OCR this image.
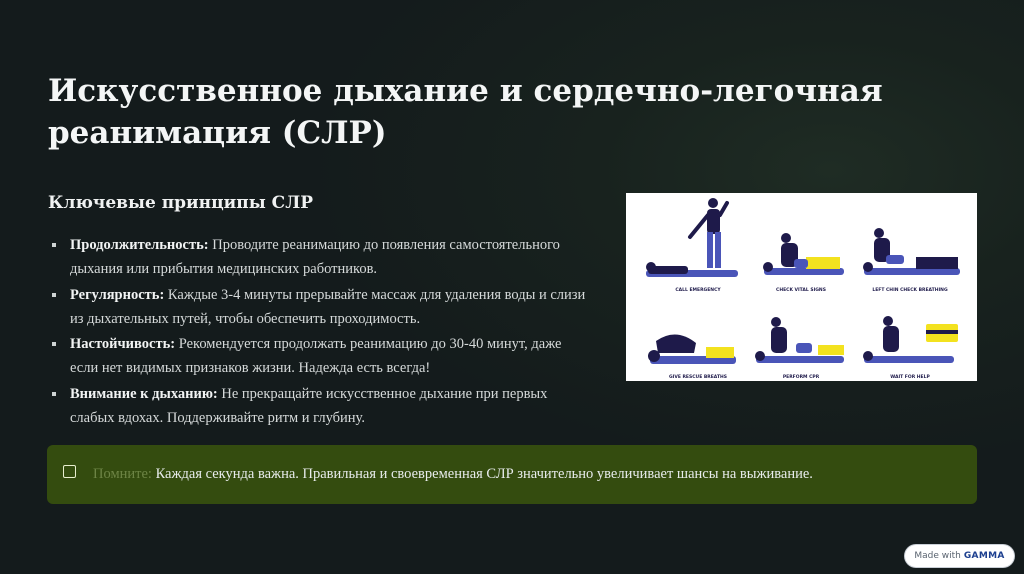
Искусственное дыхание и сердечно-легочная реанимация (СЛР)
Ключевые принципы СЛР
Продолжительность: Проводите реанимацию до появления самостоятельного дыхания или прибытия медицинских работников.
Регулярность: Каждые 3-4 минуты прерывайте массаж для удаления воды и слизи из дыхательных путей, чтобы обеспечить проходимость.
Настойчивость: Рекомендуется продолжать реанимацию до 30-40 минут, даже если нет видимых признаков жизни. Надежда есть всегда!
Внимание к дыханию: Не прекращайте искусственное дыхание при первых слабых вдохах. Поддерживайте ритм и глубину.
CALL EMERGENCY	CHECK VITAL SIGNS	LEFT CHIN CHECK BREATHING
GIVE RESCUE BREATHS	PERFORM CPR	WAIT FOR HELP
Помните: Каждая секунда важна. Правильная и своевременная СЛР значительно увеличивает шансы на выживание.
Made with GAMMA
